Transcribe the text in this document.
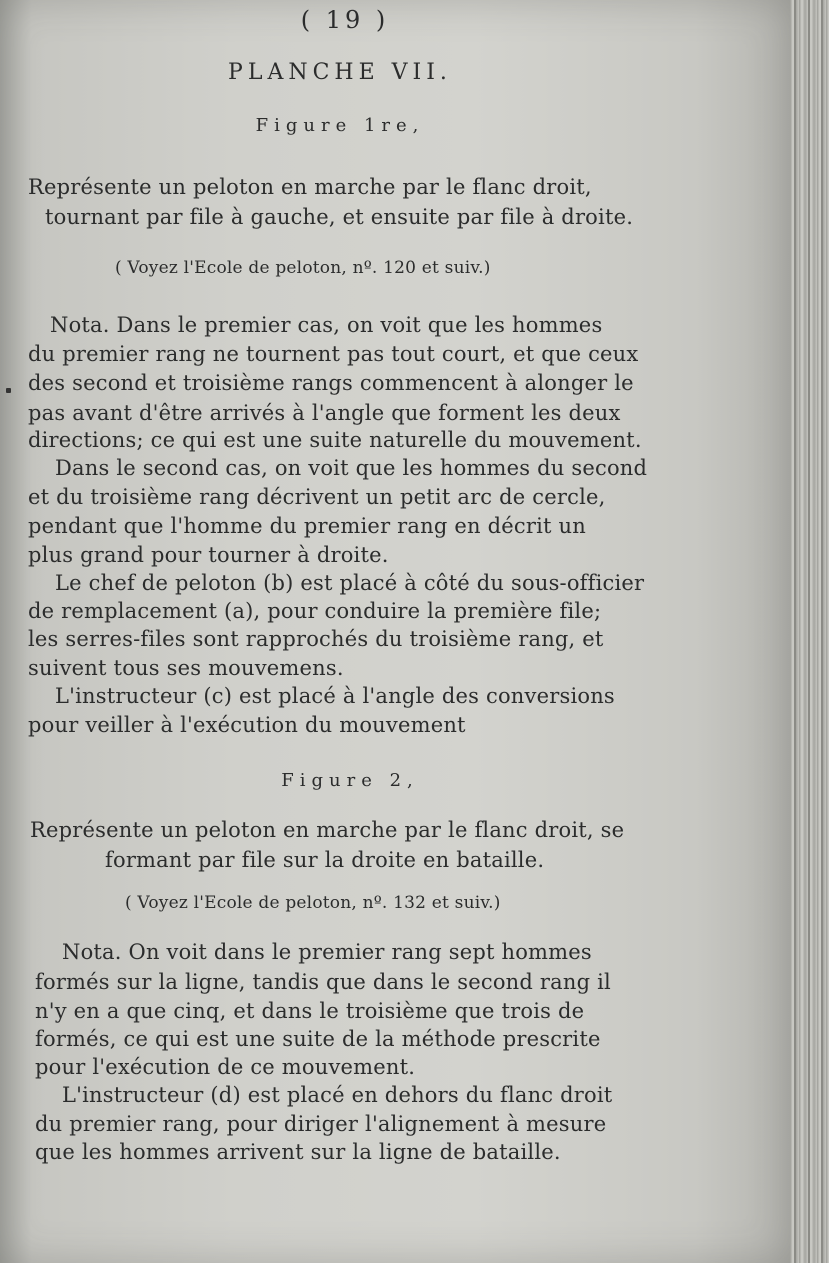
( 19 )
PLANCHE VII.
Figure 1re,
Représente un peloton en marche par le flanc droit,
tournant par file à gauche, et ensuite par file à droite.
( Voyez l'Ecole de peloton, nº. 120 et suiv.)
Nota. Dans le premier cas, on voit que les hommes
du premier rang ne tournent pas tout court, et que ceux
des second et troisième rangs commencent à alonger le
pas avant d'être arrivés à l'angle que forment les deux
directions; ce qui est une suite naturelle du mouvement.
Dans le second cas, on voit que les hommes du second
et du troisième rang décrivent un petit arc de cercle,
pendant que l'homme du premier rang en décrit un
plus grand pour tourner à droite.
Le chef de peloton (b) est placé à côté du sous-officier
de remplacement (a), pour conduire la première file;
les serres-files sont rapprochés du troisième rang, et
suivent tous ses mouvemens.
L'instructeur (c) est placé à l'angle des conversions
pour veiller à l'exécution du mouvement
Figure 2,
Représente un peloton en marche par le flanc droit, se
formant par file sur la droite en bataille.
( Voyez l'Ecole de peloton, nº. 132 et suiv.)
Nota. On voit dans le premier rang sept hommes
formés sur la ligne, tandis que dans le second rang il
n'y en a que cinq, et dans le troisième que trois de
formés, ce qui est une suite de la méthode prescrite
pour l'exécution de ce mouvement.
L'instructeur (d) est placé en dehors du flanc droit
du premier rang, pour diriger l'alignement à mesure
que les hommes arrivent sur la ligne de bataille.
